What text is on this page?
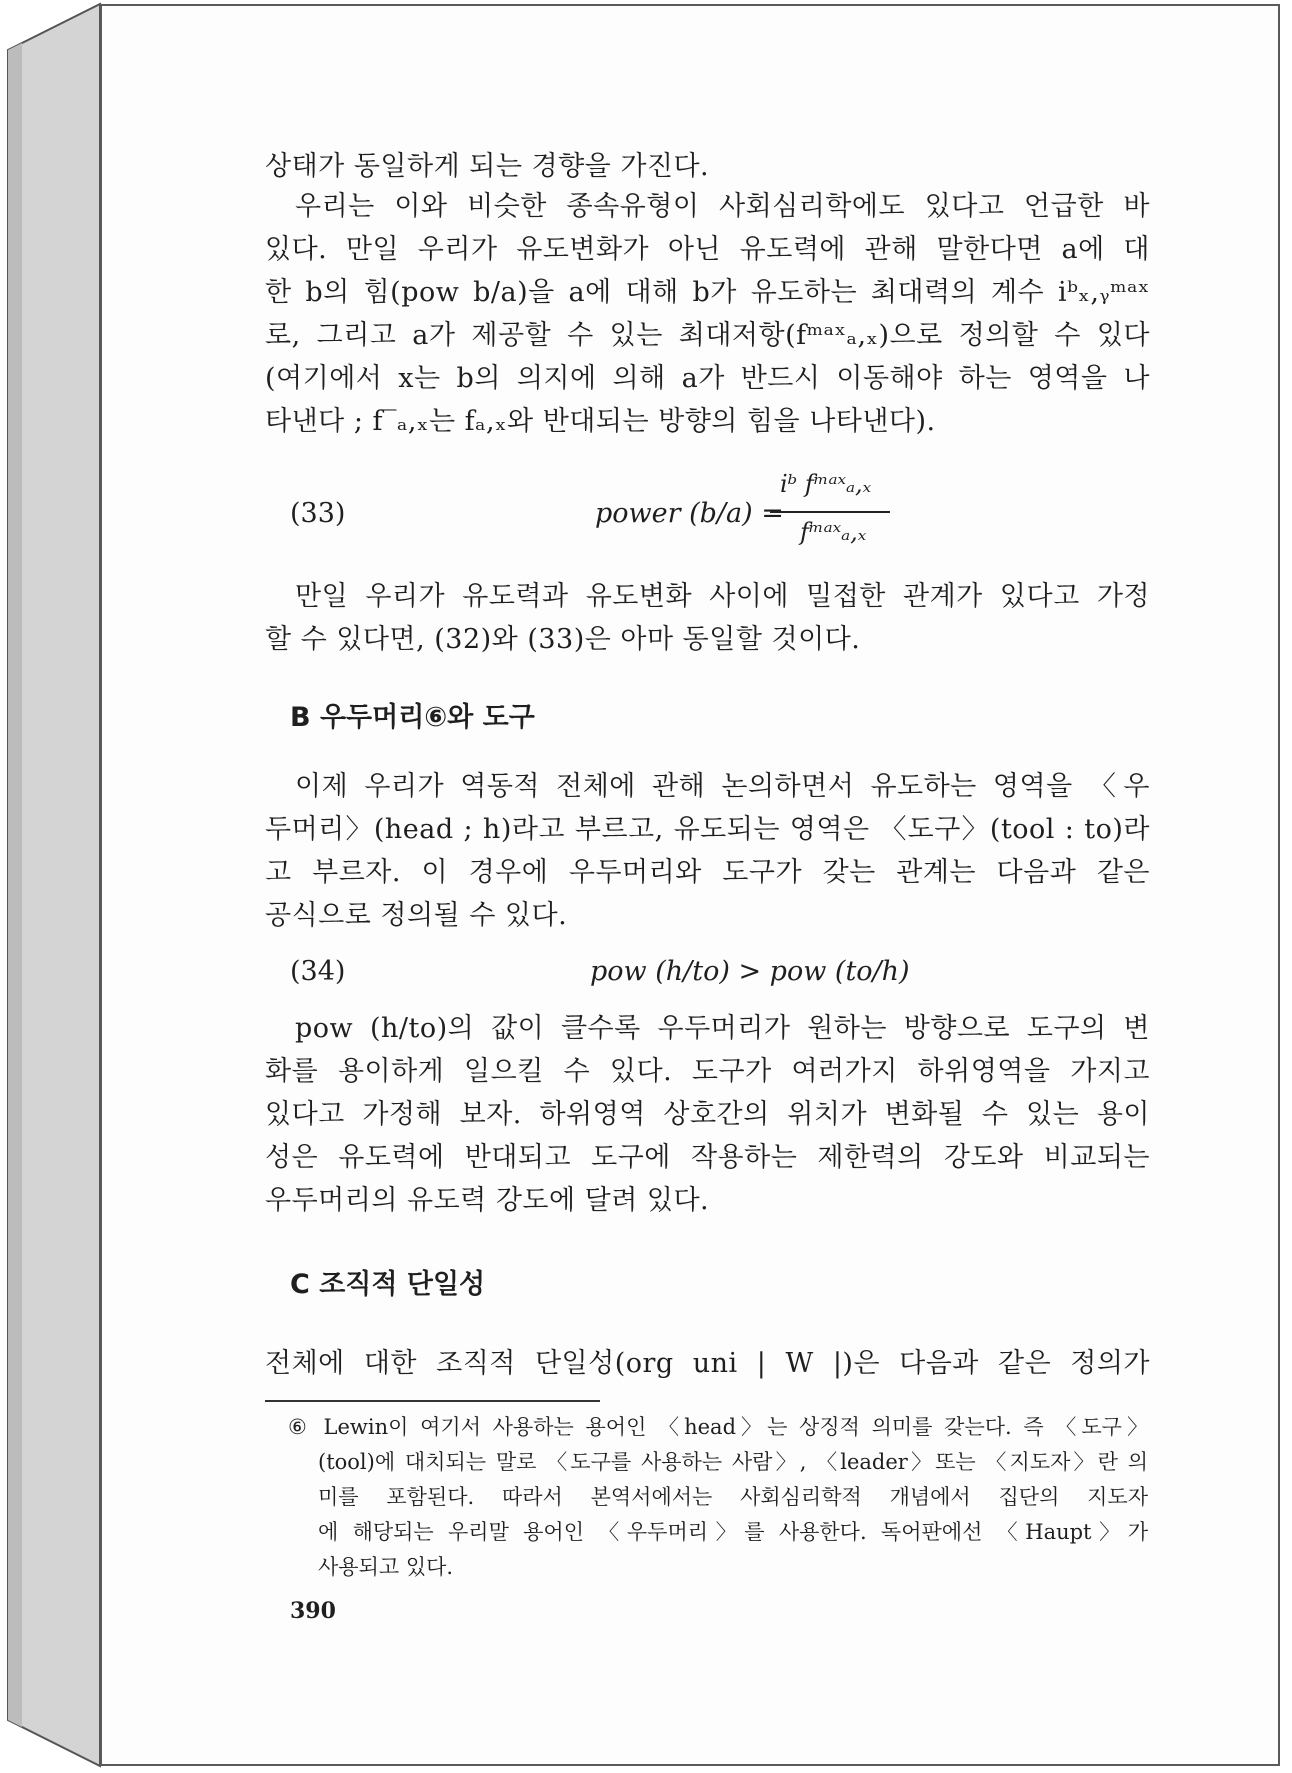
상태가 동일하게 되는 경향을 가진다.
우리는 이와 비슷한 종속유형이 사회심리학에도 있다고 언급한 바
있다. 만일 우리가 유도변화가 아닌 유도력에 관해 말한다면 a에 대
한 b의 힘(pow b/a)을 a에 대해 b가 유도하는 최대력의 계수 iᵇₓ,ᵧᵐᵃˣ
로, 그리고 a가 제공할 수 있는 최대저항(fᵐᵃˣₐ,ₓ)으로 정의할 수 있다
(여기에서 x는 b의 의지에 의해 a가 반드시 이동해야 하는 영역을 나
타낸다 ; f‾ₐ,ₓ는 fₐ,ₓ와 반대되는 방향의 힘을 나타낸다).
(33)	power (b/a) =
iᵇ fᵐᵃˣₐ,ₓ
fᵐᵃˣₐ,ₓ
만일 우리가 유도력과 유도변화 사이에 밀접한 관계가 있다고 가정
할 수 있다면, (32)와 (33)은 아마 동일할 것이다.
B 우두머리⑥와 도구
이제 우리가 역동적 전체에 관해 논의하면서 유도하는 영역을 〈우
두머리〉(head ; h)라고 부르고, 유도되는 영역은 〈도구〉(tool : to)라
고 부르자. 이 경우에 우두머리와 도구가 갖는 관계는 다음과 같은
공식으로 정의될 수 있다.
(34)	pow (h/to) > pow (to/h)
pow (h/to)의 값이 클수록 우두머리가 원하는 방향으로 도구의 변
화를 용이하게 일으킬 수 있다. 도구가 여러가지 하위영역을 가지고
있다고 가정해 보자. 하위영역 상호간의 위치가 변화될 수 있는 용이
성은 유도력에 반대되고 도구에 작용하는 제한력의 강도와 비교되는
우두머리의 유도력 강도에 달려 있다.
C 조직적 단일성
전체에 대한 조직적 단일성(org uni | W |)은 다음과 같은 정의가
⑥ Lewin이 여기서 사용하는 용어인 〈head〉는 상징적 의미를 갖는다. 즉 〈도구〉
(tool)에 대치되는 말로 〈도구를 사용하는 사람〉, 〈leader〉또는 〈지도자〉란 의
미를 포함된다. 따라서 본역서에서는 사회심리학적 개념에서 집단의 지도자
에 해당되는 우리말 용어인 〈우두머리〉를 사용한다. 독어판에선 〈Haupt〉가
사용되고 있다.
390
